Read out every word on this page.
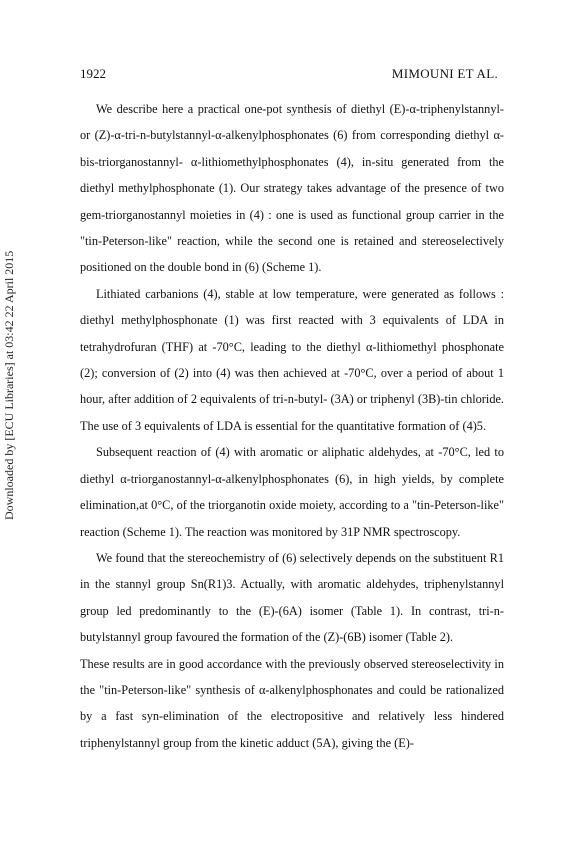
1922	MIMOUNI ET AL.
Downloaded by [ECU Libraries] at 03:42 22 April 2015

We describe here a practical one-pot synthesis of diethyl (E)-α-triphenylstannyl- or (Z)-α-tri-n-butylstannyl-α-alkenylphosphonates (6) from corresponding diethyl α-bis-triorganostannyl- α-lithiomethylphosphonates (4), in-situ generated from the diethyl methylphosphonate (1). Our strategy takes advantage of the presence of two gem-triorganostannyl moieties in (4) : one is used as functional group carrier in the "tin-Peterson-like" reaction, while the second one is retained and stereoselectively positioned on the double bond in (6) (Scheme 1).

Lithiated carbanions (4), stable at low temperature, were generated as follows : diethyl methylphosphonate (1) was first reacted with 3 equivalents of LDA in tetrahydrofuran (THF) at -70°C, leading to the diethyl α-lithiomethyl phosphonate (2); conversion of (2) into (4) was then achieved at -70°C, over a period of about 1 hour, after addition of 2 equivalents of tri-n-butyl- (3A) or triphenyl (3B)-tin chloride. The use of 3 equivalents of LDA is essential for the quantitative formation of (4)5.

Subsequent reaction of (4) with aromatic or aliphatic aldehydes, at -70°C, led to diethyl α-triorganostannyl-α-alkenylphosphonates (6), in high yields, by complete elimination,at 0°C, of the triorganotin oxide moiety, according to a "tin-Peterson-like" reaction (Scheme 1). The reaction was monitored by 31P NMR spectroscopy.

We found that the stereochemistry of (6) selectively depends on the substituent R1 in the stannyl group Sn(R1)3. Actually, with aromatic aldehydes, triphenylstannyl group led predominantly to the (E)-(6A) isomer (Table 1). In contrast, tri-n-butylstannyl group favoured the formation of the (Z)-(6B) isomer (Table 2).

These results are in good accordance with the previously observed stereoselectivity in the "tin-Peterson-like" synthesis of α-alkenylphosphonates and could be rationalized by a fast syn-elimination of the electropositive and relatively less hindered triphenylstannyl group from the kinetic adduct (5A), giving the (E)-
